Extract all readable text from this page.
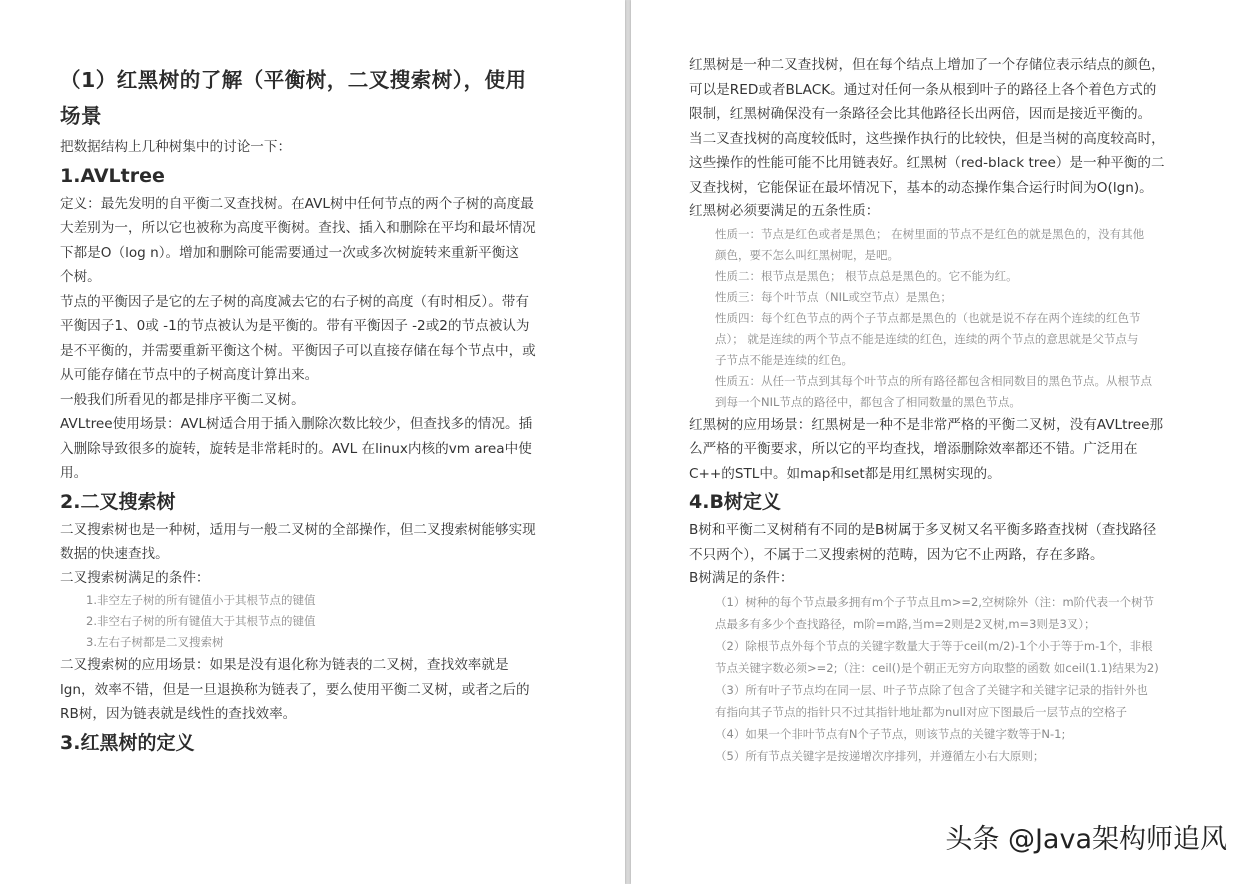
（1）红黑树的了解（平衡树，二叉搜索树），使用
场景

把数据结构上几种树集中的讨论一下：

1.AVLtree

定义：最先发明的自平衡二叉查找树。在AVL树中任何节点的两个子树的高度最

大差别为一，所以它也被称为高度平衡树。查找、插入和删除在平均和最坏情况

下都是O（log n）。增加和删除可能需要通过一次或多次树旋转来重新平衡这

个树。

节点的平衡因子是它的左子树的高度减去它的右子树的高度（有时相反）。带有

平衡因子1、0或 -1的节点被认为是平衡的。带有平衡因子 -2或2的节点被认为

是不平衡的，并需要重新平衡这个树。平衡因子可以直接存储在每个节点中，或

从可能存储在节点中的子树高度计算出来。

一般我们所看见的都是排序平衡二叉树。

AVLtree使用场景：AVL树适合用于插入删除次数比较少，但查找多的情况。插

入删除导致很多的旋转，旋转是非常耗时的。AVL 在linux内核的vm area中使

用。

2.二叉搜索树

二叉搜索树也是一种树，适用与一般二叉树的全部操作，但二叉搜索树能够实现

数据的快速查找。

二叉搜索树满足的条件：

1.非空左子树的所有键值小于其根节点的键值

2.非空右子树的所有键值大于其根节点的键值

3.左右子树都是二叉搜索树

二叉搜索树的应用场景：如果是没有退化称为链表的二叉树，查找效率就是

lgn，效率不错，但是一旦退换称为链表了，要么使用平衡二叉树，或者之后的

RB树，因为链表就是线性的查找效率。

3.红黑树的定义

红黑树是一种二叉查找树，但在每个结点上增加了一个存储位表示结点的颜色，

可以是RED或者BLACK。通过对任何一条从根到叶子的路径上各个着色方式的

限制，红黑树确保没有一条路径会比其他路径长出两倍，因而是接近平衡的。

当二叉查找树的高度较低时，这些操作执行的比较快，但是当树的高度较高时，

这些操作的性能可能不比用链表好。红黑树（red-black tree）是一种平衡的二

叉查找树，它能保证在最坏情况下，基本的动态操作集合运行时间为O(lgn)。

红黑树必须要满足的五条性质：

性质一：节点是红色或者是黑色； 在树里面的节点不是红色的就是黑色的，没有其他

颜色，要不怎么叫红黑树呢，是吧。

性质二：根节点是黑色； 根节点总是黑色的。它不能为红。

性质三：每个叶节点（NIL或空节点）是黑色；

性质四：每个红色节点的两个子节点都是黑色的（也就是说不存在两个连续的红色节

点）； 就是连续的两个节点不能是连续的红色，连续的两个节点的意思就是父节点与

子节点不能是连续的红色。

性质五：从任一节点到其每个叶节点的所有路径都包含相同数目的黑色节点。从根节点

到每一个NIL节点的路径中，都包含了相同数量的黑色节点。

红黑树的应用场景：红黑树是一种不是非常严格的平衡二叉树，没有AVLtree那

么严格的平衡要求，所以它的平均查找，增添删除效率都还不错。广泛用在

C++的STL中。如map和set都是用红黑树实现的。

4.B树定义

B树和平衡二叉树稍有不同的是B树属于多叉树又名平衡多路查找树（查找路径

不只两个），不属于二叉搜索树的范畴，因为它不止两路，存在多路。

B树满足的条件：

（1）树种的每个节点最多拥有m个子节点且m>=2,空树除外（注：m阶代表一个树节

点最多有多少个查找路径，m阶=m路,当m=2则是2叉树,m=3则是3叉）；

（2）除根节点外每个节点的关键字数量大于等于ceil(m/2)-1个小于等于m-1个，非根

节点关键字数必须>=2;（注：ceil()是个朝正无穷方向取整的函数 如ceil(1.1)结果为2)

（3）所有叶子节点均在同一层、叶子节点除了包含了关键字和关键字记录的指针外也

有指向其子节点的指针只不过其指针地址都为null对应下图最后一层节点的空格子

（4）如果一个非叶节点有N个子节点，则该节点的关键字数等于N-1;

（5）所有节点关键字是按递增次序排列，并遵循左小右大原则；

头条 @Java架构师追风
